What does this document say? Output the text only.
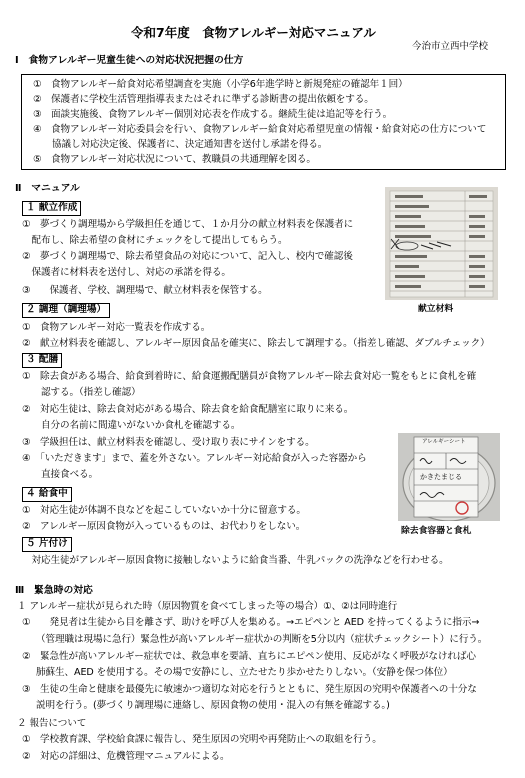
令和7年度　食物アレルギー対応マニュアル
今治市立西中学校
Ⅰ　食物アレルギー児童生徒への対応状況把握の仕方
①　食物アレルギー給食対応希望調査を実施（小学6年進学時と新規発症の確認年１回）
②　保護者に学校生活管理指導表またはそれに準ずる診断書の提出依頼をする。
③　面談実施後、食物アレルギー個別対応表を作成する。継続生徒は追記等を行う。
④　食物アレルギー対応委員会を行い、食物アレルギー給食対応希望児童の情報・給食対応の仕方について
　　協議し対応決定後、保護者に、決定通知書を送付し承諾を得る。
⑤　食物アレルギー対応状況について、教職員の共通理解を図る。
Ⅱ　マニュアル
１ 献立作成
①　夢づくり調理場から学級担任を通じて、１か月分の献立材料表を保護者に
　配布し、除去希望の食材にチェックをして提出してもらう。
②　夢づくり調理場で、除去希望食品の対応について、記入し、校内で確認後
　保護者に材料表を送付し、対応の承諾を得る。
③　　保護者、学校、調理場で、献立材料表を保管する。
２ 調理（調理場）
①　食物アレルギー対応一覧表を作成する。
②　献立材料表を確認し、アレルギー原因食品を確実に、除去して調理する。（指差し確認、ダブルチェック）
３ 配膳
①　除去食がある場合、給食到着時に、給食運搬配膳員が食物アレルギー除去食対応一覧をもとに食札を確
　　認する。（指差し確認）
②　対応生徒は、除去食対応がある場合、除去食を給食配膳室に取りに来る。
　　自分の名前に間違いがないか食札を確認する。
③　学級担任は、献立材料表を確認し、受け取り表にサインをする。
④　「いただきます」まで、蓋を外さない。アレルギー対応給食が入った容器から
　　直接食べる。
４ 給食中
①　対応生徒が体調不良などを起こしていないか十分に留意する。
②　アレルギー原因食物が入っているものは、お代わりをしない。
５ 片付け
　対応生徒がアレルギー原因食物に接触しないように給食当番、牛乳パックの洗浄などを行わせる。
献立材料
アレルギーシート
かきたまじる
除去食容器と食札
Ⅲ　緊急時の対応
１ アレルギー症状が見られた時（原因物質を食べてしまった等の場合）①、②は同時進行
①　　発見者は生徒から目を離さず、助けを呼び人を集める。→エピペンと AED を持ってくるように指示→
（管理職は現場に急行）緊急性が高いアレルギー症状かの判断を5分以内（症状チェックシート）に行う。
②　緊急性が高いアレルギー症状では、救急車を要請、直ちにエピペン使用、反応がなく呼吸がなければ心
肺蘇生、AED を使用する。その場で安静にし、立たせたり歩かせたりしない。（安静を保つ体位）
③　生徒の生命と健康を最優先に敏速かつ適切な対応を行うとともに、発生原因の究明や保護者への十分な
説明を行う。(夢づくり調理場に連絡し、原因食物の使用・混入の有無を確認する。)
２ 報告について
①　学校教育課、学校給食課に報告し、発生原因の究明や再発防止への取組を行う。
②　対応の詳細は、危機管理マニュアルによる。
